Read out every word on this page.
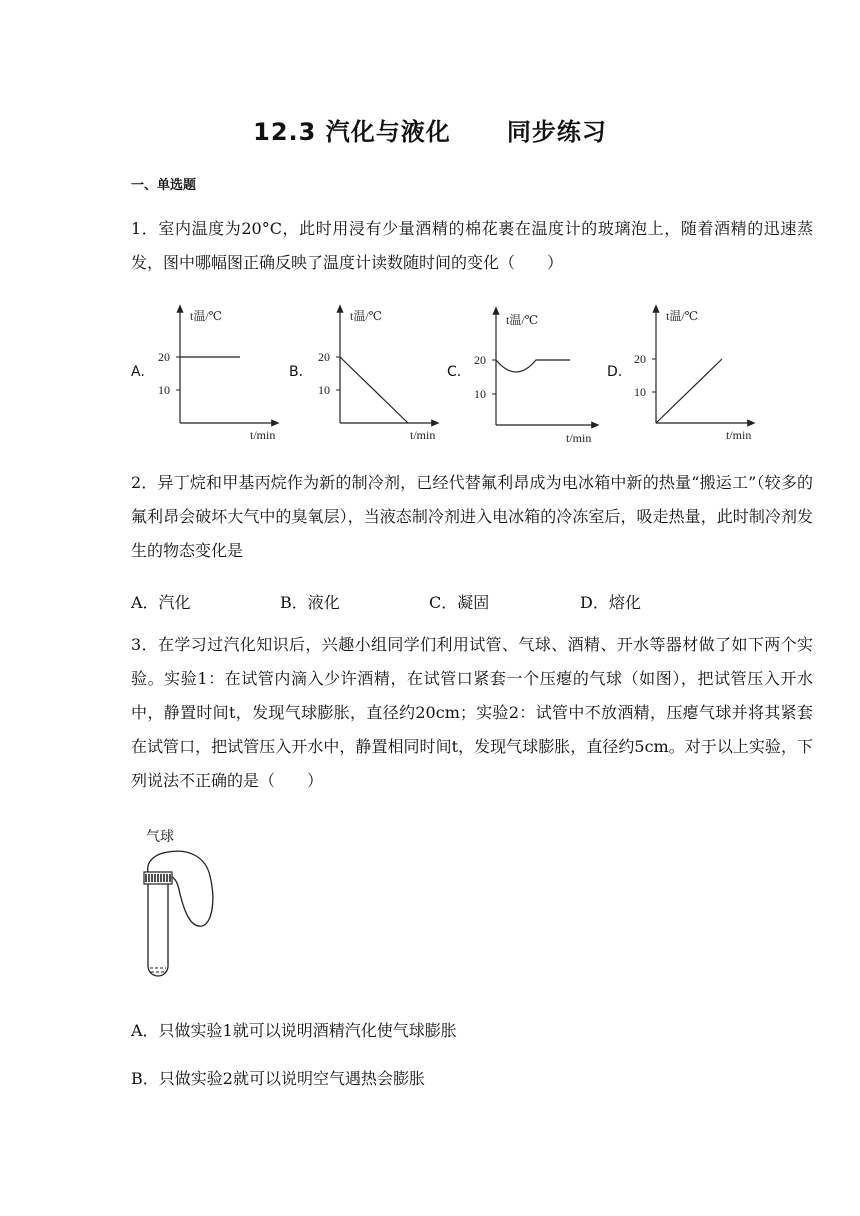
12.3 汽化与液化      同步练习
一、单选题
1．室内温度为20°C，此时用浸有少量酒精的棉花裹在温度计的玻璃泡上，随着酒精的迅速蒸发，图中哪幅图正确反映了温度计读数随时间的变化（　　）
A.
t温/℃
20
10
t/min
B.
t温/℃
20
10
t/min
C.
t温/℃
20
10
t/min
D.
t温/℃
20
10
t/min
2．异丁烷和甲基丙烷作为新的制冷剂，已经代替氟利昂成为电冰箱中新的热量“搬运工”（较多的氟利昂会破坏大气中的臭氧层），当液态制冷剂进入电冰箱的冷冻室后，吸走热量，此时制冷剂发生的物态变化是
A．汽化	B．液化	C．凝固	D．熔化
3．在学习过汽化知识后，兴趣小组同学们利用试管、气球、酒精、开水等器材做了如下两个实验。实验1：在试管内滴入少许酒精，在试管口紧套一个压瘪的气球（如图），把试管压入开水中，静置时间t，发现气球膨胀，直径约20cm；实验2：试管中不放酒精，压瘪气球并将其紧套在试管口，把试管压入开水中，静置相同时间t，发现气球膨胀，直径约5cm。对于以上实验，下列说法不正确的是（　　）
气球
A．只做实验1就可以说明酒精汽化使气球膨胀
B．只做实验2就可以说明空气遇热会膨胀
